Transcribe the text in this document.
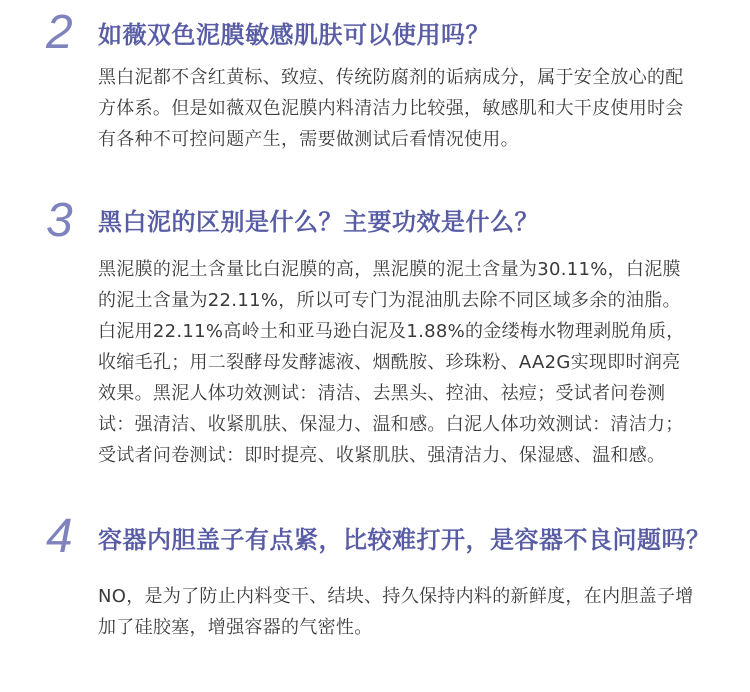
2 如薇双色泥膜敏感肌肤可以使用吗？
黑白泥都不含红黄标、致痘、传统防腐剂的诟病成分，属于安全放心的配
方体系。但是如薇双色泥膜内料清洁力比较强，敏感肌和大干皮使用时会
有各种不可控问题产生，需要做测试后看情况使用。
3 黑白泥的区别是什么？主要功效是什么？
黑泥膜的泥土含量比白泥膜的高，黑泥膜的泥土含量为30.11%，白泥膜
的泥土含量为22.11%，所以可专门为混油肌去除不同区域多余的油脂。
白泥用22.11%高岭土和亚马逊白泥及1.88%的金缕梅水物理剥脱角质，
收缩毛孔；用二裂酵母发酵滤液、烟酰胺、珍珠粉、AA2G实现即时润亮
效果。黑泥人体功效测试：清洁、去黑头、控油、祛痘；受试者问卷测
试：强清洁、收紧肌肤、保湿力、温和感。白泥人体功效测试：清洁力；
受试者问卷测试：即时提亮、收紧肌肤、强清洁力、保湿感、温和感。
4 容器内胆盖子有点紧，比较难打开，是容器不良问题吗？
NO，是为了防止内料变干、结块、持久保持内料的新鲜度，在内胆盖子增
加了硅胶塞，增强容器的气密性。
